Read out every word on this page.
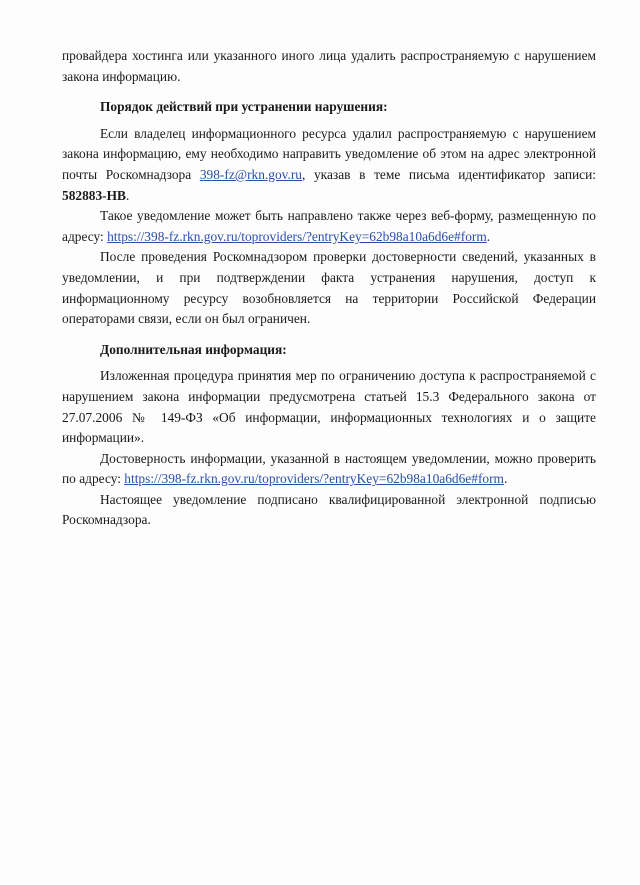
провайдера хостинга или указанного иного лица удалить распространяемую с нарушением закона информацию.

Порядок действий при устранении нарушения:

Если владелец информационного ресурса удалил распространяемую с нарушением закона информацию, ему необходимо направить уведомление об этом на адрес электронной почты Роскомнадзора 398-fz@rkn.gov.ru, указав в теме письма идентификатор записи: 582883-НВ.

Такое уведомление может быть направлено также через веб-форму, размещенную по адресу: https://398-fz.rkn.gov.ru/toproviders/?entryKey=62b98a10a6d6e#form.

После проведения Роскомнадзором проверки достоверности сведений, указанных в уведомлении, и при подтверждении факта устранения нарушения, доступ к информационному ресурсу возобновляется на территории Российской Федерации операторами связи, если он был ограничен.

Дополнительная информация:

Изложенная процедура принятия мер по ограничению доступа к распространяемой с нарушением закона информации предусмотрена статьей 15.3 Федерального закона от 27.07.2006 № 149-ФЗ «Об информации, информационных технологиях и о защите информации».

Достоверность информации, указанной в настоящем уведомлении, можно проверить по адресу: https://398-fz.rkn.gov.ru/toproviders/?entryKey=62b98a10a6d6e#form.

Настоящее уведомление подписано квалифицированной электронной подписью Роскомнадзора.
